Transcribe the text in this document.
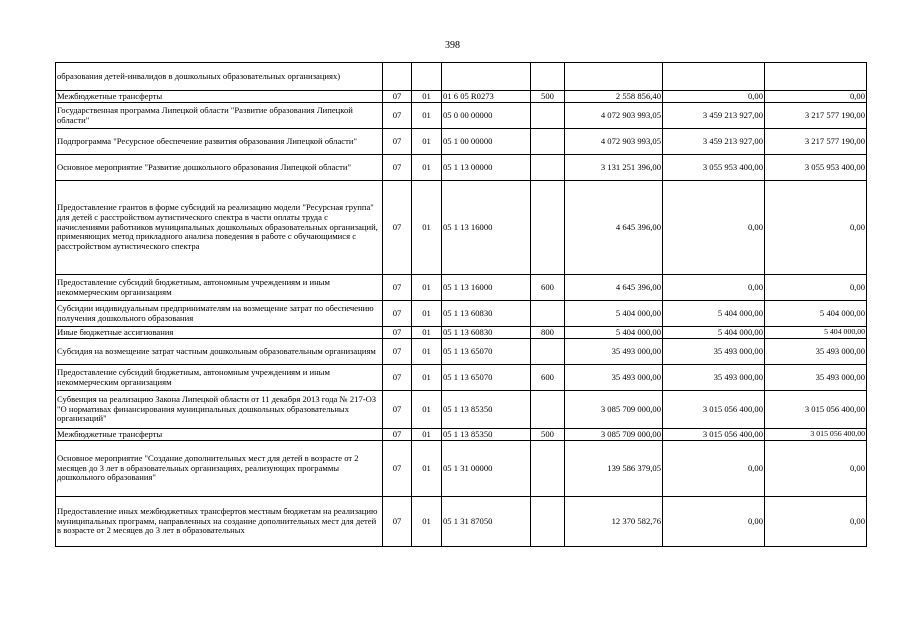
398
образования детей-инвалидов в дошкольных образовательных организациях)							
Межбюджетные трансферты	07	01	01 6 05 R0273	500	2 558 856,40	0,00	0,00
Государственная программа Липецкой области "Развитие образования Липецкой области"	07	01	05 0 00 00000		4 072 903 993,05	3 459 213 927,00	3 217 577 190,00
Подпрограмма "Ресурсное обеспечение развития образования Липецкой области"	07	01	05 1 00 00000		4 072 903 993,05	3 459 213 927,00	3 217 577 190,00
Основное мероприятие "Развитие дошкольного образования Липецкой области"	07	01	05 1 13 00000		3 131 251 396,00	3 055 953 400,00	3 055 953 400,00
Предоставление грантов в форме субсидий на реализацию модели "Ресурсная группа" для детей с расстройством аутистического спектра в части оплаты труда с начислениями работников муниципальных дошкольных образовательных организаций, применяющих метод прикладного анализа поведения в работе с обучающимися с расстройством аутистического спектра	07	01	05 1 13 16000		4 645 396,00	0,00	0,00
Предоставление субсидий бюджетным, автономным учреждениям и иным некоммерческим организациям	07	01	05 1 13 16000	600	4 645 396,00	0,00	0,00
Субсидии индивидуальным предпринимателям на возмещение затрат по обеспечению получения дошкольного образования	07	01	05 1 13 60830		5 404 000,00	5 404 000,00	5 404 000,00
Иные бюджетные ассигнования	07	01	05 1 13 60830	800	5 404 000,00	5 404 000,00	5 404 000,00
Субсидия на возмещение затрат частным дошкольным образовательным организациям	07	01	05 1 13 65070		35 493 000,00	35 493 000,00	35 493 000,00
Предоставление субсидий бюджетным, автономным учреждениям и иным некоммерческим организациям	07	01	05 1 13 65070	600	35 493 000,00	35 493 000,00	35 493 000,00
Субвенция на реализацию Закона Липецкой области от 11 декабря 2013 года № 217-ОЗ "О нормативах финансирования муниципальных дошкольных образовательных организаций"	07	01	05 1 13 85350		3 085 709 000,00	3 015 056 400,00	3 015 056 400,00
Межбюджетные трансферты	07	01	05 1 13 85350	500	3 085 709 000,00	3 015 056 400,00	3 015 056 400,00
Основное мероприятие "Создание дополнительных мест для детей в возрасте от 2 месяцев до 3 лет в образовательных организациях, реализующих программы дошкольного образования"	07	01	05 1 31 00000		139 586 379,05	0,00	0,00
Предоставление иных межбюджетных трансфертов местным бюджетам на реализацию муниципальных программ, направленных на создание дополнительных мест для детей в возрасте от 2 месяцев до 3 лет в образовательных	07	01	05 1 31 87050		12 370 582,76	0,00	0,00
